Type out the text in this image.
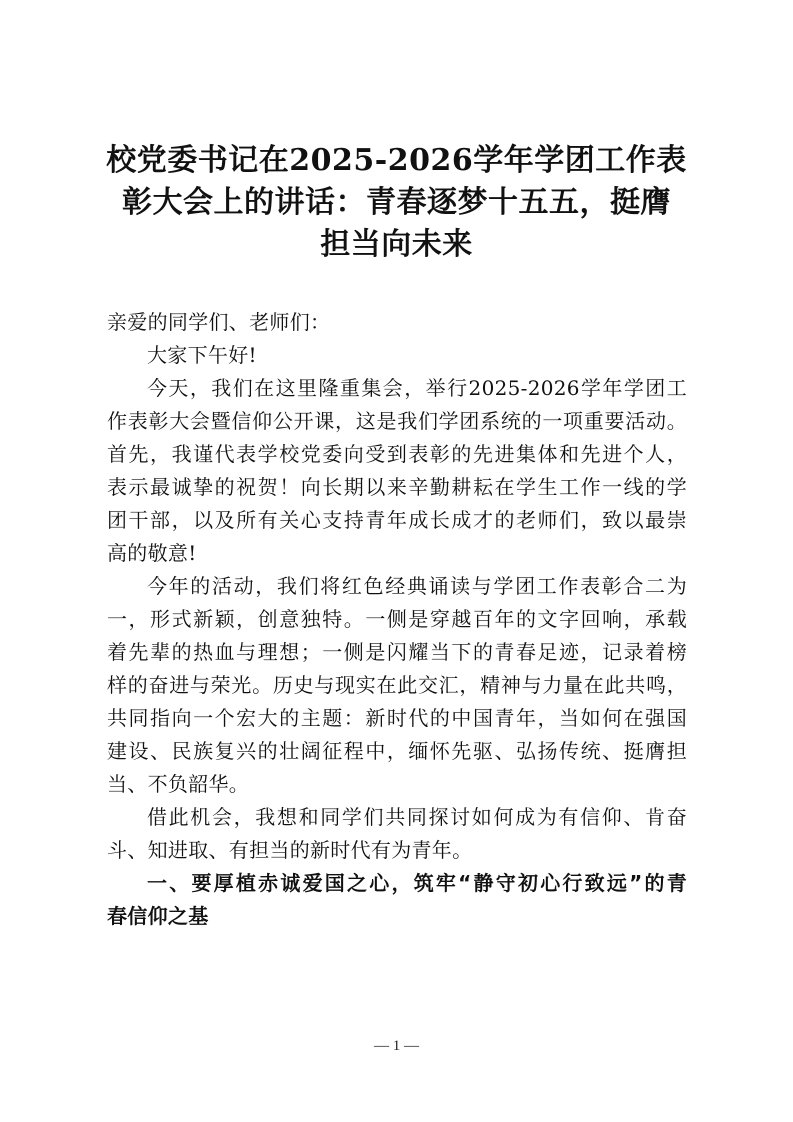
校党委书记在2025-2026学年学团工作表
彰大会上的讲话：青春逐梦十五五，挺膺
担当向未来
亲爱的同学们、老师们：
大家下午好!
今天，我们在这里隆重集会，举行2025-2026学年学团工
作表彰大会暨信仰公开课，这是我们学团系统的一项重要活动。
首先，我谨代表学校党委向受到表彰的先进集体和先进个人，
表示最诚挚的祝贺！向长期以来辛勤耕耘在学生工作一线的学
团干部，以及所有关心支持青年成长成才的老师们，致以最崇
高的敬意!
今年的活动，我们将红色经典诵读与学团工作表彰合二为
一，形式新颖，创意独特。一侧是穿越百年的文字回响，承载
着先辈的热血与理想；一侧是闪耀当下的青春足迹，记录着榜
样的奋进与荣光。历史与现实在此交汇，精神与力量在此共鸣，
共同指向一个宏大的主题：新时代的中国青年，当如何在强国
建设、民族复兴的壮阔征程中，缅怀先驱、弘扬传统、挺膺担
当、不负韶华。
借此机会，我想和同学们共同探讨如何成为有信仰、肯奋
斗、知进取、有担当的新时代有为青年。
一、要厚植赤诚爱国之心，筑牢“静守初心行致远”的青
春信仰之基
— 1 —
